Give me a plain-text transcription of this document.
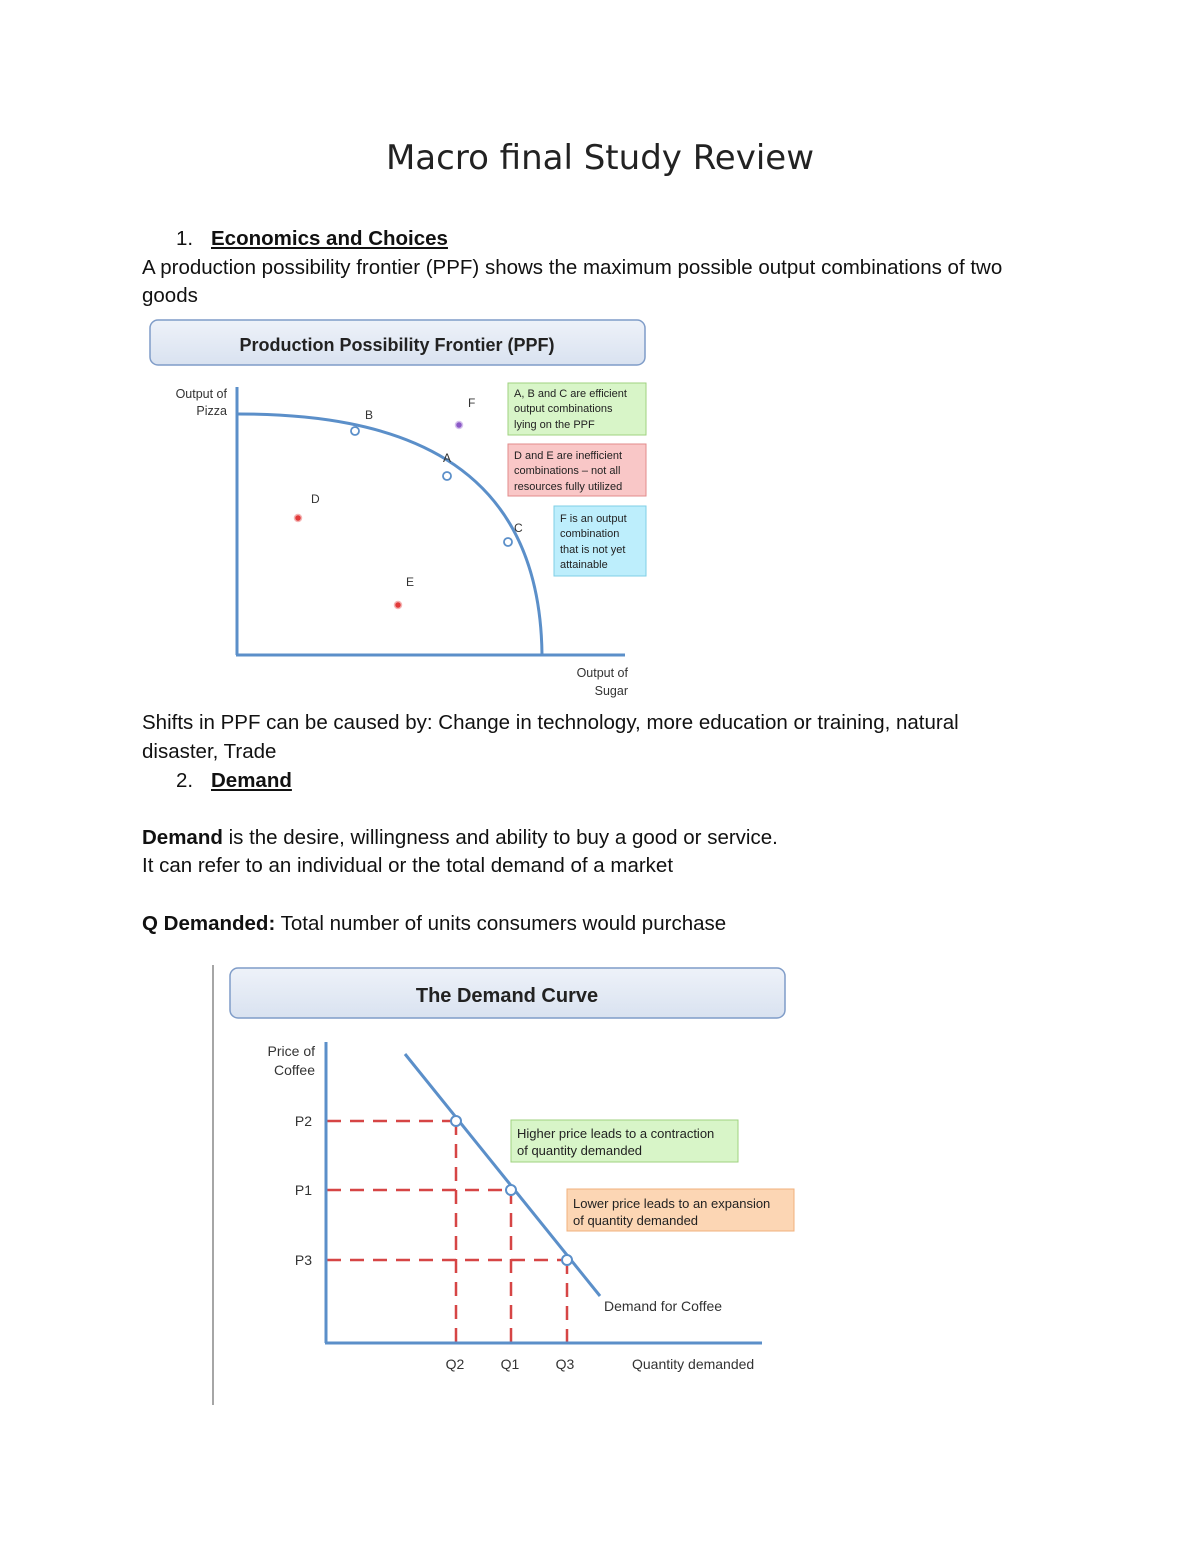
Macro final Study Review
1. Economics and Choices
A production possibility frontier (PPF) shows the maximum possible output combinations of two
goods
Production Possibility Frontier (PPF)
Output of
Pizza
Output of
Sugar
B
A
C
D
E
F
A, B and C are efficient
output combinations
lying on the PPF
D and E are inefficient
combinations – not all
resources fully utilized
F is an output
combination
that is not yet
attainable
Shifts in PPF can be caused by: Change in technology, more education or training, natural
disaster, Trade
2. Demand
Demand is the desire, willingness and ability to buy a good or service.
It can refer to an individual or the total demand of a market
Q Demanded: Total number of units consumers would purchase
The Demand Curve
Price of
Coffee
P2
P1
P3
Q2	Q1	Q3	Quantity demanded
Demand for Coffee
Higher price leads to a contraction
of quantity demanded
Lower price leads to an expansion
of quantity demanded
